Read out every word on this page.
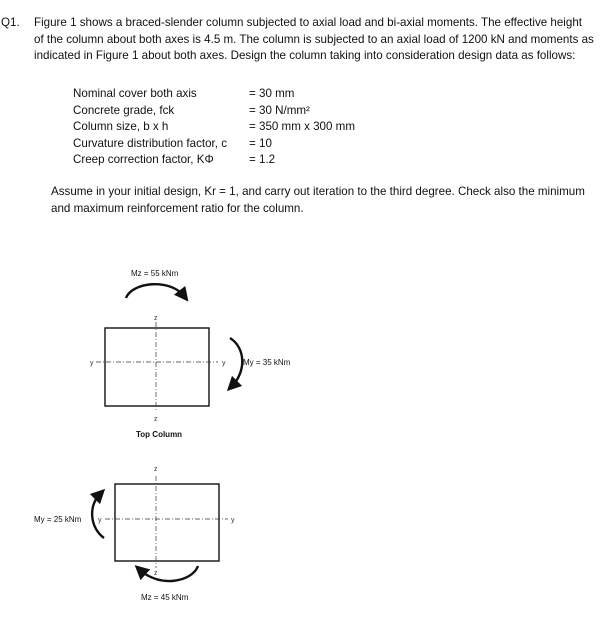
Q1. Figure 1 shows a braced-slender column subjected to axial load and bi-axial moments. The effective height of the column about both axes is 4.5 m. The column is subjected to an axial load of 1200 kN and moments as indicated in Figure 1 about both axes. Design the column taking into consideration design data as follows:
Nominal cover both axis	= 30 mm
Concrete grade, fck	= 30 N/mm²
Column size, b x h	= 350 mm x 300 mm
Curvature distribution factor, c = 10
Creep correction factor, KΦ	= 1.2
Assume in your initial design, Kr = 1, and carry out iteration to the third degree. Check also the minimum and maximum reinforcement ratio for the column.
Mz = 55 kNm
z
y	y
z
My = 35 kNm
Top Column
z
y	y
z
My = 25 kNm
Mz = 45 kNm
